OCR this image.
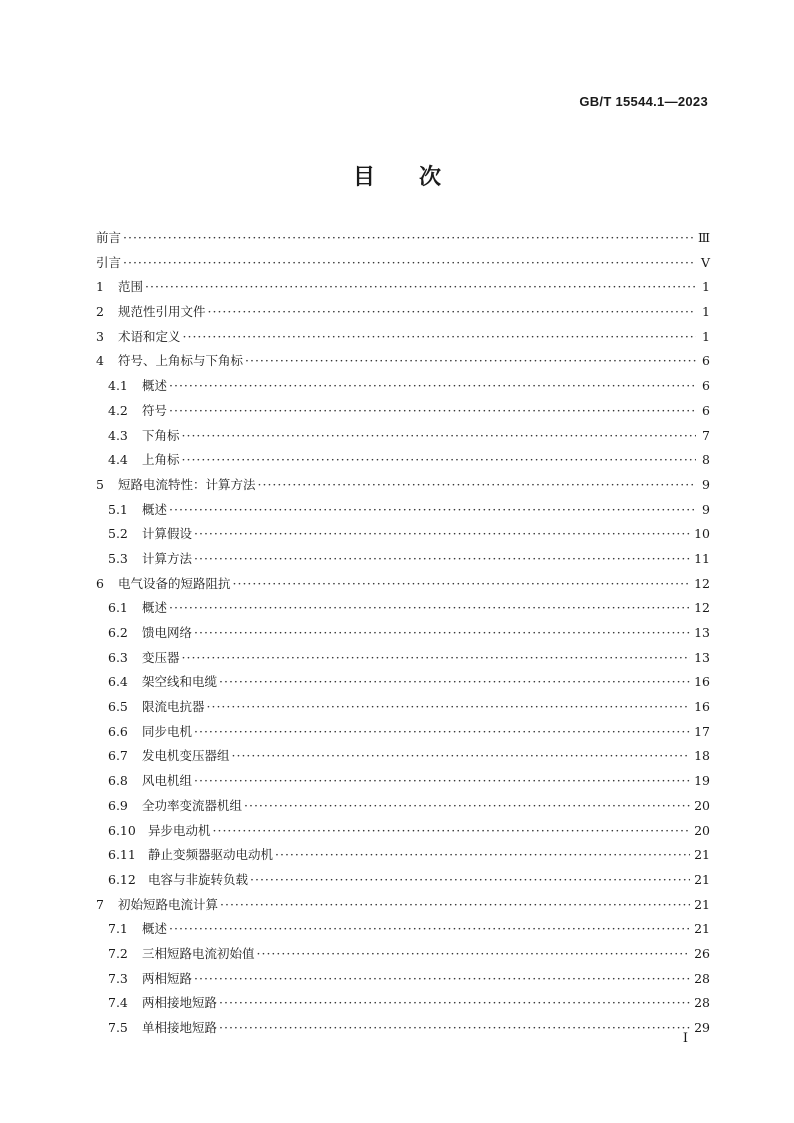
GB/T 15544.1—2023
目　　次
前言 ·····	Ⅲ
引言 ·····	Ⅴ
1	范围 ·····	1
2	规范性引用文件 ·····	1
3	术语和定义 ·····	1
4	符号、上角标与下角标 ·····	6
4.1	概述 ·····	6
4.2	符号 ·····	6
4.3	下角标 ·····	7
4.4	上角标 ·····	8
5	短路电流特性：计算方法 ·····	9
5.1	概述 ·····	9
5.2	计算假设 ·····	10
5.3	计算方法 ·····	11
6	电气设备的短路阻抗 ·····	12
6.1	概述 ·····	12
6.2	馈电网络 ·····	13
6.3	变压器 ·····	13
6.4	架空线和电缆 ·····	16
6.5	限流电抗器 ·····	16
6.6	同步电机 ·····	17
6.7	发电机变压器组 ·····	18
6.8	风电机组 ·····	19
6.9	全功率变流器机组 ·····	20
6.10 异步电动机 ·····	20
6.11 静止变频器驱动电动机 ·····	21
6.12 电容与非旋转负载 ·····	21
7	初始短路电流计算 ·····	21
7.1	概述 ·····	21
7.2	三相短路电流初始值 ·····	26
7.3	两相短路 ·····	28
7.4	两相接地短路 ·····	28
7.5	单相接地短路 ·····	29
Ⅰ
